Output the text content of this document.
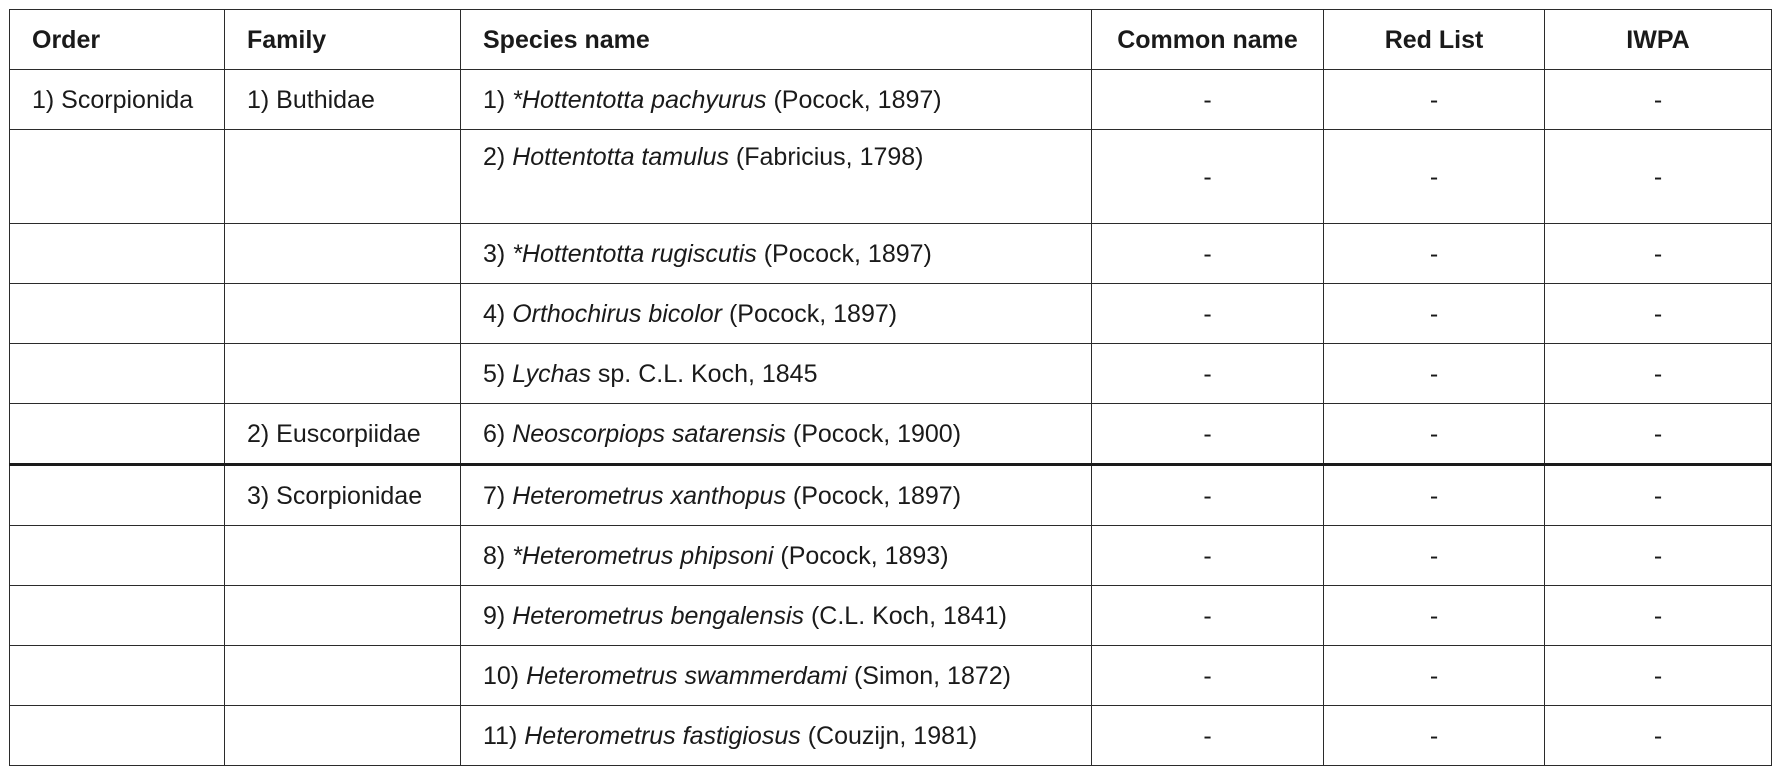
Order	Family	Species name	Common name	Red List	IWPA
1) Scorpionida	1) Buthidae	1) *Hottentotta pachyurus (Pocock, 1897)	-	-	-
		2) Hottentotta tamulus (Fabricius, 1798)	-	-	-
		3) *Hottentotta rugiscutis (Pocock, 1897)	-	-	-
		4) Orthochirus bicolor (Pocock, 1897)	-	-	-
		5) Lychas sp. C.L. Koch, 1845	-	-	-
	2) Euscorpiidae	6) Neoscorpiops satarensis (Pocock, 1900)	-	-	-
	3) Scorpionidae	7) Heterometrus xanthopus (Pocock, 1897)	-	-	-
		8) *Heterometrus phipsoni (Pocock, 1893)	-	-	-
		9) Heterometrus bengalensis (C.L. Koch, 1841)	-	-	-
		10) Heterometrus swammerdami (Simon, 1872)	-	-	-
		11) Heterometrus fastigiosus (Couzijn, 1981)	-	-	-
